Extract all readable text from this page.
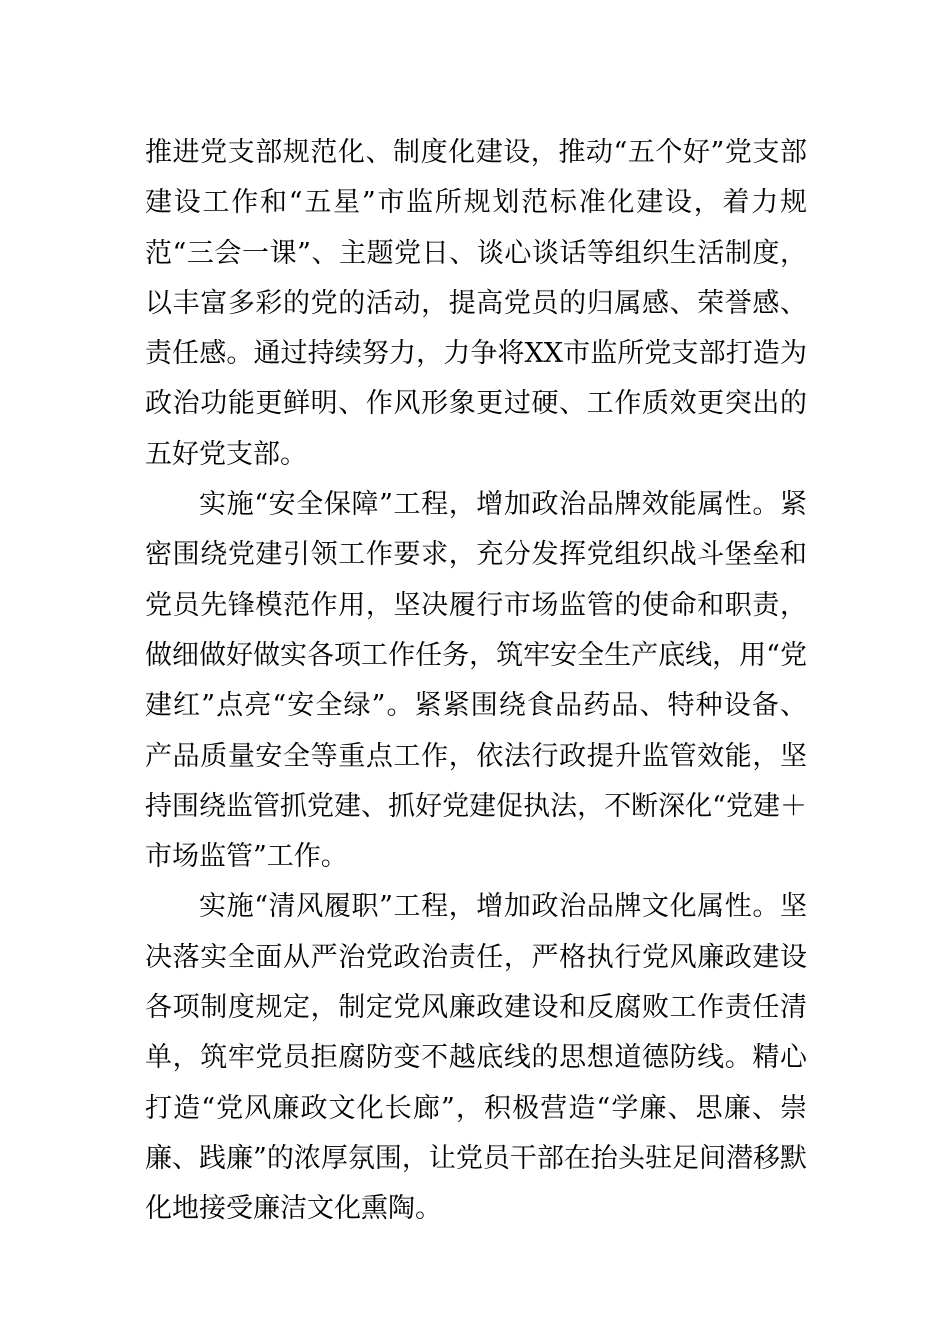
推进党支部规范化、制度化建设，推动“五个好”党支部建设工作和“五星”市监所规划范标准化建设，着力规范“三会一课”、主题党日、谈心谈话等组织生活制度，以丰富多彩的党的活动，提高党员的归属感、荣誉感、责任感。通过持续努力，力争将XX市监所党支部打造为政治功能更鲜明、作风形象更过硬、工作质效更突出的五好党支部。

实施“安全保障”工程，增加政治品牌效能属性。紧密围绕党建引领工作要求，充分发挥党组织战斗堡垒和党员先锋模范作用，坚决履行市场监管的使命和职责，做细做好做实各项工作任务，筑牢安全生产底线，用“党建红”点亮“安全绿”。紧紧围绕食品药品、特种设备、产品质量安全等重点工作，依法行政提升监管效能，坚持围绕监管抓党建、抓好党建促执法，不断深化“党建＋市场监管”工作。

实施“清风履职”工程，增加政治品牌文化属性。坚决落实全面从严治党政治责任，严格执行党风廉政建设各项制度规定，制定党风廉政建设和反腐败工作责任清单，筑牢党员拒腐防变不越底线的思想道德防线。精心打造“党风廉政文化长廊”，积极营造“学廉、思廉、崇廉、践廉”的浓厚氛围，让党员干部在抬头驻足间潜移默化地接受廉洁文化熏陶。
